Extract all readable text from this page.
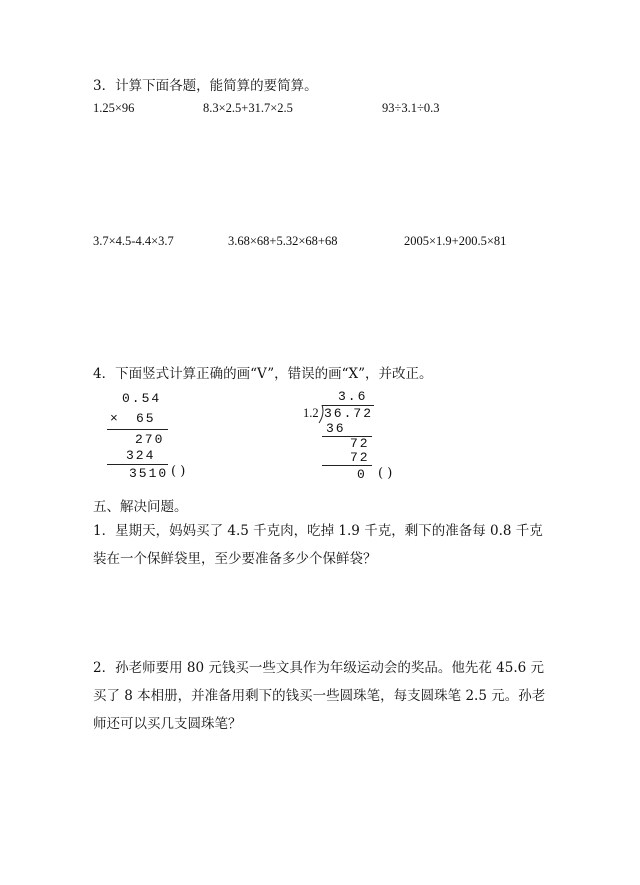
3．计算下面各题，能简算的要简算。
1.25×96	8.3×2.5+31.7×2.5	93÷3.1÷0.3
3.7×4.5-4.4×3.7	3.68×68+5.32×68+68	2005×1.9+200.5×81
4．下面竖式计算正确的画“V”，错误的画“X”，并改正。
0.54
× 65
270
324
3510 ( )
3.6
1.2 36.72
36
72
72
0 ( )
五、解决问题。
1．星期天，妈妈买了 4.5 千克肉，吃掉 1.9 千克，剩下的准备每 0.8 千克装在一个保鲜袋里，至少要准备多少个保鲜袋？
2．孙老师要用 80 元钱买一些文具作为年级运动会的奖品。他先花 45.6 元买了 8 本相册，并准备用剩下的钱买一些圆珠笔，每支圆珠笔 2.5 元。孙老师还可以买几支圆珠笔？
